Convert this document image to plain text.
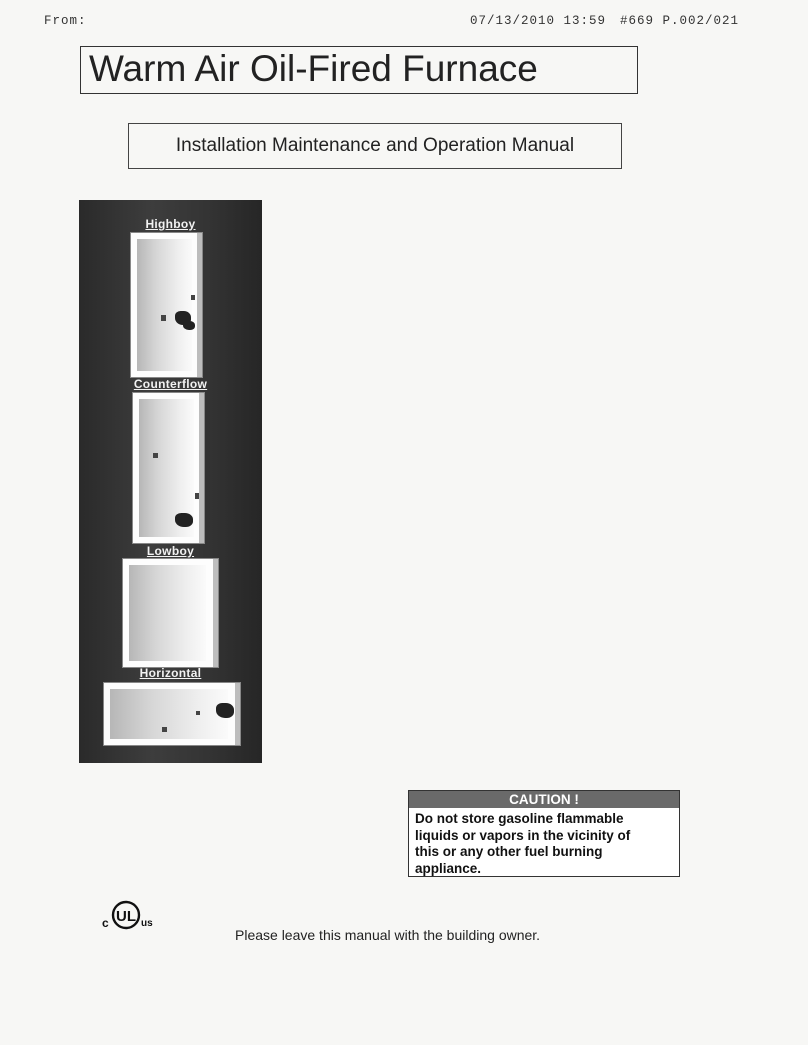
From:	07/13/2010 13:59 #669 P.002/021
Warm Air Oil-Fired Furnace
Installation Maintenance and Operation Manual
Highboy
Counterflow
Lowboy
Horizontal
CAUTION !
Do not store gasoline flammable
liquids or vapors in the vicinity of
this or any other fuel burning
appliance.
UL
c	us
Please leave this manual with the building owner.
